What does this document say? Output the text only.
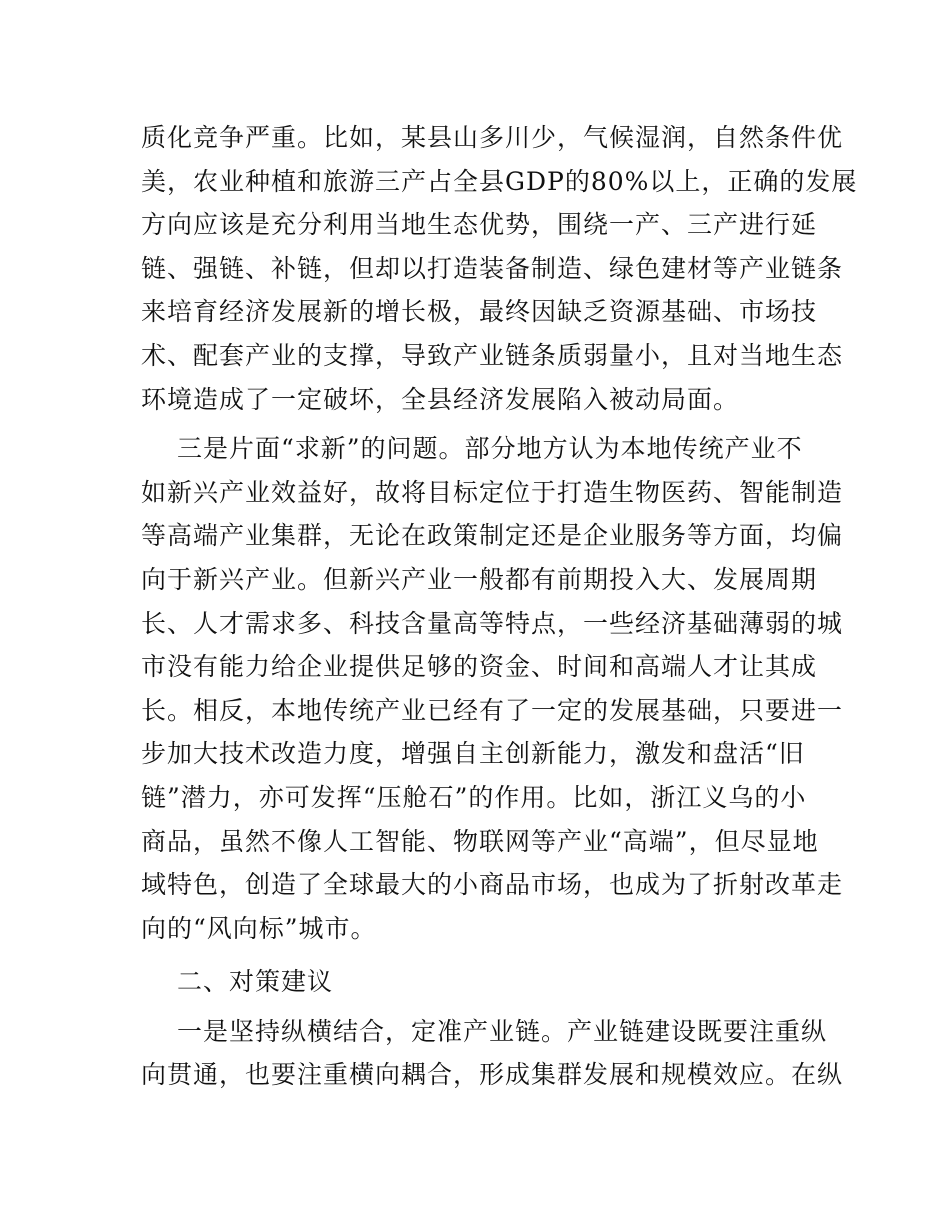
质化竞争严重。比如，某县山多川少，气候湿润，自然条件优
美，农业种植和旅游三产占全县GDP的80%以上，正确的发展
方向应该是充分利用当地生态优势，围绕一产、三产进行延
链、强链、补链，但却以打造装备制造、绿色建材等产业链条
来培育经济发展新的增长极，最终因缺乏资源基础、市场技
术、配套产业的支撑，导致产业链条质弱量小，且对当地生态
环境造成了一定破坏，全县经济发展陷入被动局面。
三是片面“求新”的问题。部分地方认为本地传统产业不
如新兴产业效益好，故将目标定位于打造生物医药、智能制造
等高端产业集群，无论在政策制定还是企业服务等方面，均偏
向于新兴产业。但新兴产业一般都有前期投入大、发展周期
长、人才需求多、科技含量高等特点，一些经济基础薄弱的城
市没有能力给企业提供足够的资金、时间和高端人才让其成
长。相反，本地传统产业已经有了一定的发展基础，只要进一
步加大技术改造力度，增强自主创新能力，激发和盘活“旧
链”潜力，亦可发挥“压舱石”的作用。比如，浙江义乌的小
商品，虽然不像人工智能、物联网等产业“高端”，但尽显地
域特色，创造了全球最大的小商品市场，也成为了折射改革走
向的“风向标”城市。
二、对策建议
一是坚持纵横结合，定准产业链。产业链建设既要注重纵
向贯通，也要注重横向耦合，形成集群发展和规模效应。在纵
